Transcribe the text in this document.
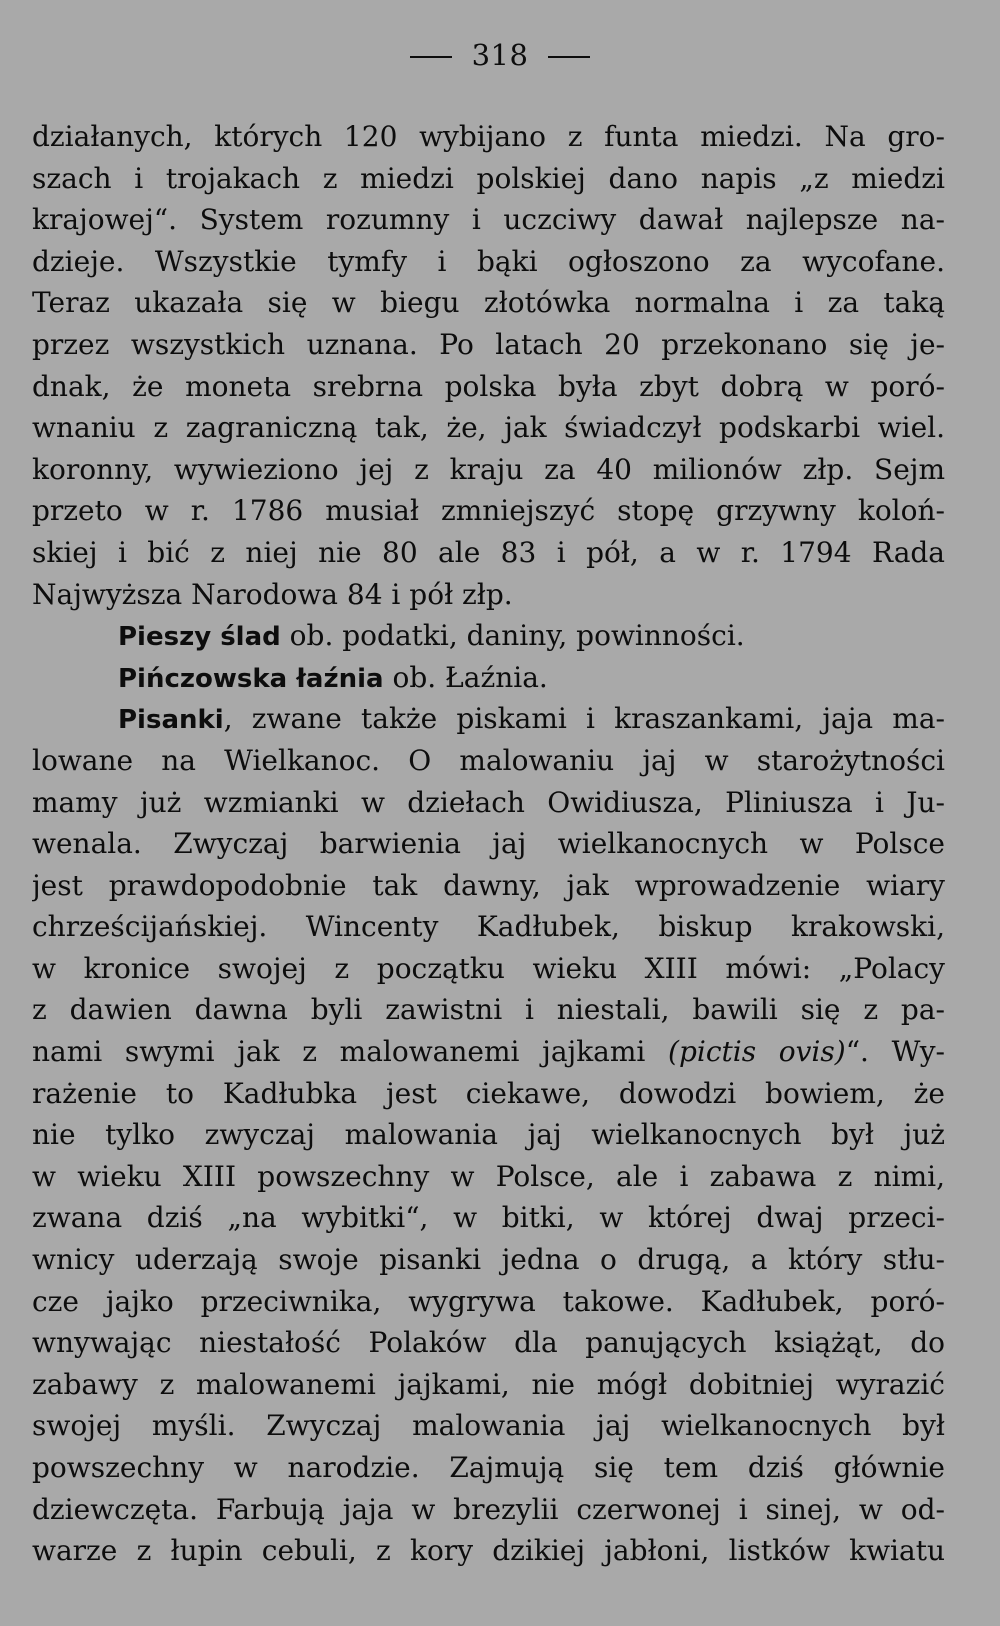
318
działanych, których 120 wybijano z funta miedzi. Na gro-
szach i trojakach z miedzi polskiej dano napis „z miedzi
krajowej“. System rozumny i uczciwy dawał najlepsze na-
dzieje. Wszystkie tymfy i bąki ogłoszono za wycofane.
Teraz ukazała się w biegu złotówka normalna i za taką
przez wszystkich uznana. Po latach 20 przekonano się je-
dnak, że moneta srebrna polska była zbyt dobrą w poró-
wnaniu z zagraniczną tak, że, jak świadczył podskarbi wiel.
koronny, wywieziono jej z kraju za 40 milionów złp. Sejm
przeto w r. 1786 musiał zmniejszyć stopę grzywny koloń-
skiej i bić z niej nie 80 ale 83 i pół, a w r. 1794 Rada
Najwyższa Narodowa 84 i pół złp.
Pieszy ślad ob. podatki, daniny, powinności.
Pińczowska łaźnia ob. Łaźnia.
Pisanki, zwane także piskami i kraszankami, jaja ma-
lowane na Wielkanoc. O malowaniu jaj w starożytności
mamy już wzmianki w dziełach Owidiusza, Pliniusza i Ju-
wenala. Zwyczaj barwienia jaj wielkanocnych w Polsce
jest prawdopodobnie tak dawny, jak wprowadzenie wiary
chrześcijańskiej. Wincenty Kadłubek, biskup krakowski,
w kronice swojej z początku wieku XIII mówi: „Polacy
z dawien dawna byli zawistni i niestali, bawili się z pa-
nami swymi jak z malowanemi jajkami (pictis ovis)“. Wy-
rażenie to Kadłubka jest ciekawe, dowodzi bowiem, że
nie tylko zwyczaj malowania jaj wielkanocnych był już
w wieku XIII powszechny w Polsce, ale i zabawa z nimi,
zwana dziś „na wybitki“, w bitki, w której dwaj przeci-
wnicy uderzają swoje pisanki jedna o drugą, a który stłu-
cze jajko przeciwnika, wygrywa takowe. Kadłubek, poró-
wnywając niestałość Polaków dla panujących książąt, do
zabawy z malowanemi jajkami, nie mógł dobitniej wyrazić
swojej myśli. Zwyczaj malowania jaj wielkanocnych był
powszechny w narodzie. Zajmują się tem dziś głównie
dziewczęta. Farbują jaja w brezylii czerwonej i sinej, w od-
warze z łupin cebuli, z kory dzikiej jabłoni, listków kwiatu
